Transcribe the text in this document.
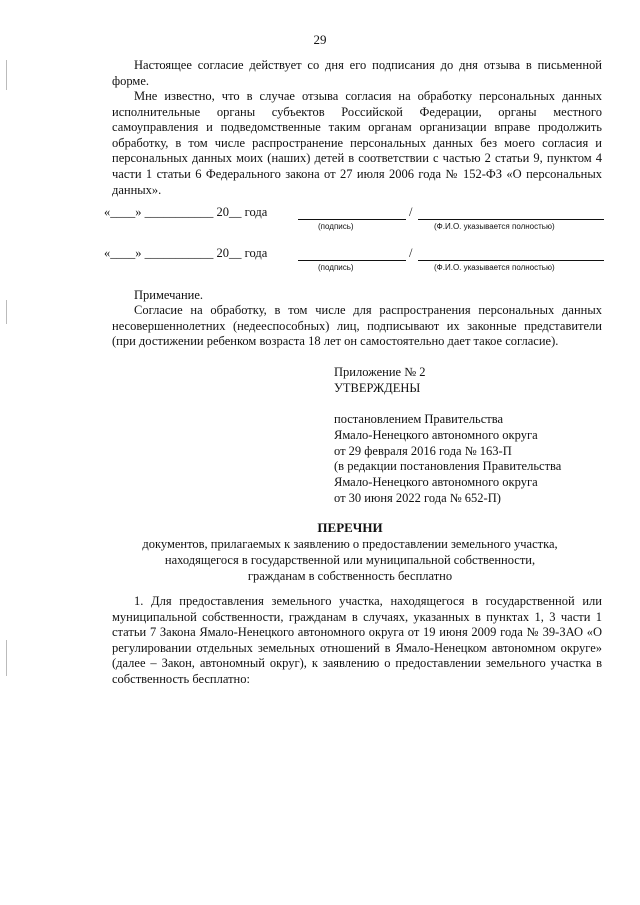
29

Настоящее согласие действует со дня его подписания до дня отзыва в письменной форме.

Мне известно, что в случае отзыва согласия на обработку персональных данных исполнительные органы субъектов Российской Федерации, органы местного самоуправления и подведомственные таким органам организации вправе продолжить обработку, в том числе распространение персональных данных без моего согласия и персональных данных моих (наших) детей в соответствии с частью 2 статьи 9, пунктом 4 части 1 статьи 6 Федерального закона от 27 июля 2006 года № 152-ФЗ «О персональных данных».

«____» ___________ 20__ года	/
(подпись)	(Ф.И.О. указывается полностью)
«____» ___________ 20__ года	/
(подпись)	(Ф.И.О. указывается полностью)
Примечание.

Согласие на обработку, в том числе для распространения персональных данных несовершеннолетних (недееспособных) лиц, подписывают их законные представители (при достижении ребенком возраста 18 лет он самостоятельно дает такое согласие).

Приложение № 2
УТВЕРЖДЕНЫ
постановлением Правительства
Ямало-Ненецкого автономного округа
от 29 февраля 2016 года № 163-П
(в редакции постановления Правительства
Ямало-Ненецкого автономного округа
от 30 июня 2022 года № 652-П)
ПЕРЕЧНИ
документов, прилагаемых к заявлению о предоставлении земельного участка,
находящегося в государственной или муниципальной собственности,
гражданам в собственность бесплатно

1. Для предоставления земельного участка, находящегося в государственной или муниципальной собственности, гражданам в случаях, указанных в пунктах 1, 3 части 1 статьи 7 Закона Ямало-Ненецкого автономного округа от 19 июня 2009 года № 39-ЗАО «О регулировании отдельных земельных отношений в Ямало-Ненецком автономном округе» (далее – Закон, автономный округ), к заявлению о предоставлении земельного участка в собственность бесплатно:
